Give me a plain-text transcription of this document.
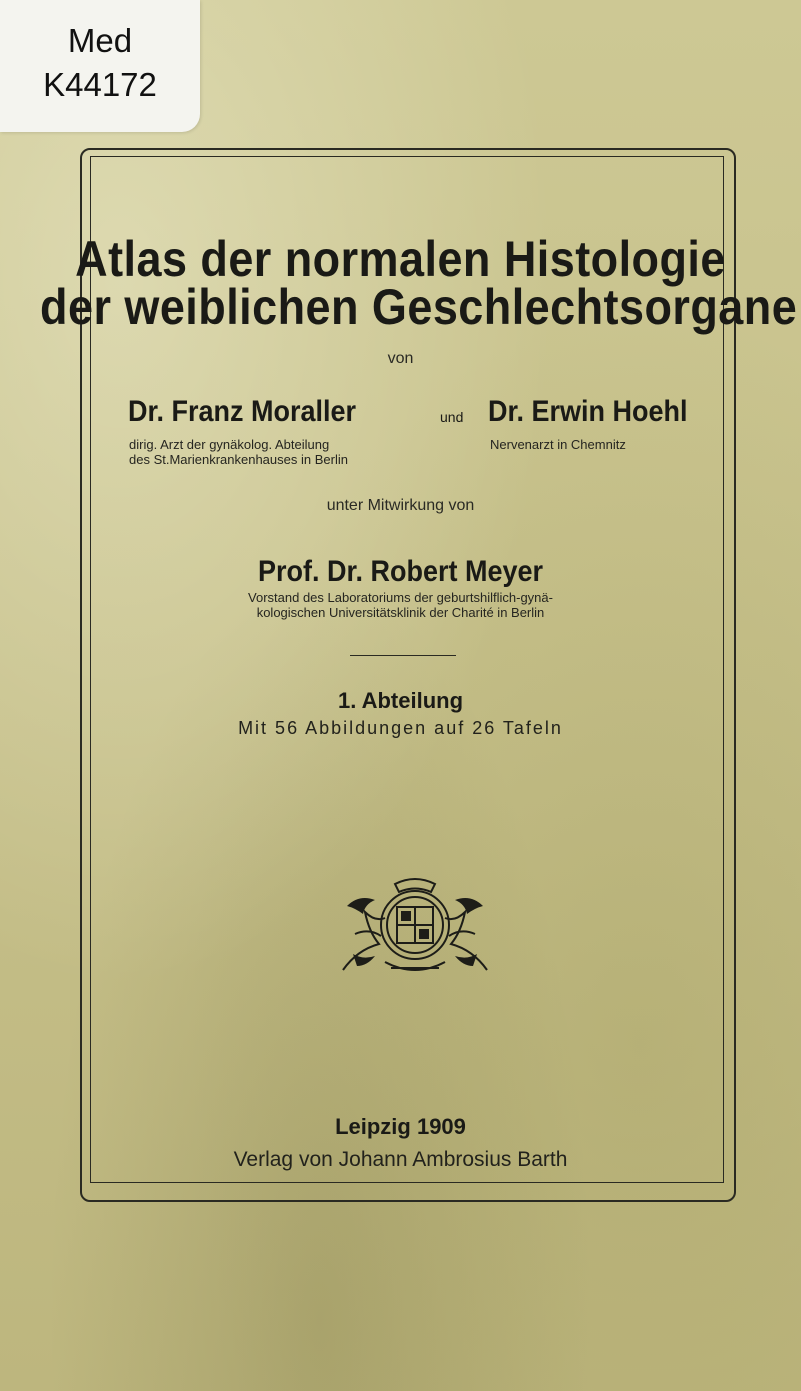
Med
K44172
Atlas der normalen Histologie
der weiblichen Geschlechtsorgane
von
Dr. Franz Moraller	und Dr. Erwin Hoehl
dirig. Arzt der gynäkolog. Abteilung
des St.Marienkrankenhauses in Berlin
Nervenarzt in Chemnitz
unter Mitwirkung von
Prof. Dr. Robert Meyer
Vorstand des Laboratoriums der geburtshilflich-gynä-
kologischen Universitätsklinik der Charité in Berlin
1. Abteilung
Mit 56 Abbildungen auf 26 Tafeln
Leipzig 1909
Verlag von Johann Ambrosius Barth
